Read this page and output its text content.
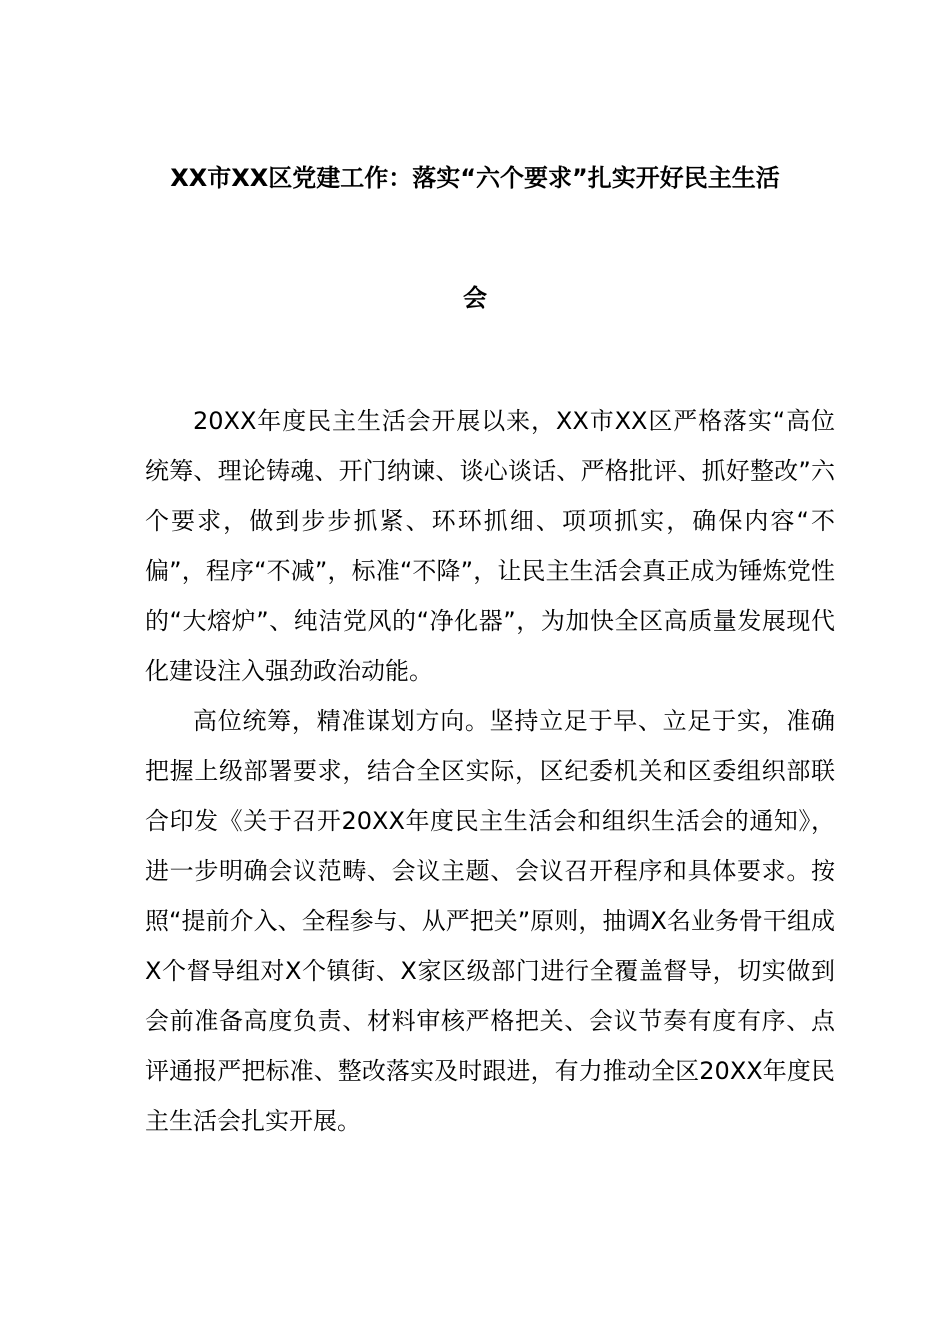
XX市XX区党建工作：落实“六个要求”扎实开好民主生活
会

20XX年度民主生活会开展以来，XX市XX区严格落实“高位统筹、理论铸魂、开门纳谏、谈心谈话、严格批评、抓好整改”六个要求，做到步步抓紧、环环抓细、项项抓实，确保内容“不偏”，程序“不减”，标准“不降”，让民主生活会真正成为锤炼党性的“大熔炉”、纯洁党风的“净化器”，为加快全区高质量发展现代化建设注入强劲政治动能。

高位统筹，精准谋划方向。坚持立足于早、立足于实，准确把握上级部署要求，结合全区实际，区纪委机关和区委组织部联合印发《关于召开20XX年度民主生活会和组织生活会的通知》，进一步明确会议范畴、会议主题、会议召开程序和具体要求。按照“提前介入、全程参与、从严把关”原则，抽调X名业务骨干组成X个督导组对X个镇街、X家区级部门进行全覆盖督导，切实做到会前准备高度负责、材料审核严格把关、会议节奏有度有序、点评通报严把标准、整改落实及时跟进，有力推动全区20XX年度民主生活会扎实开展。
